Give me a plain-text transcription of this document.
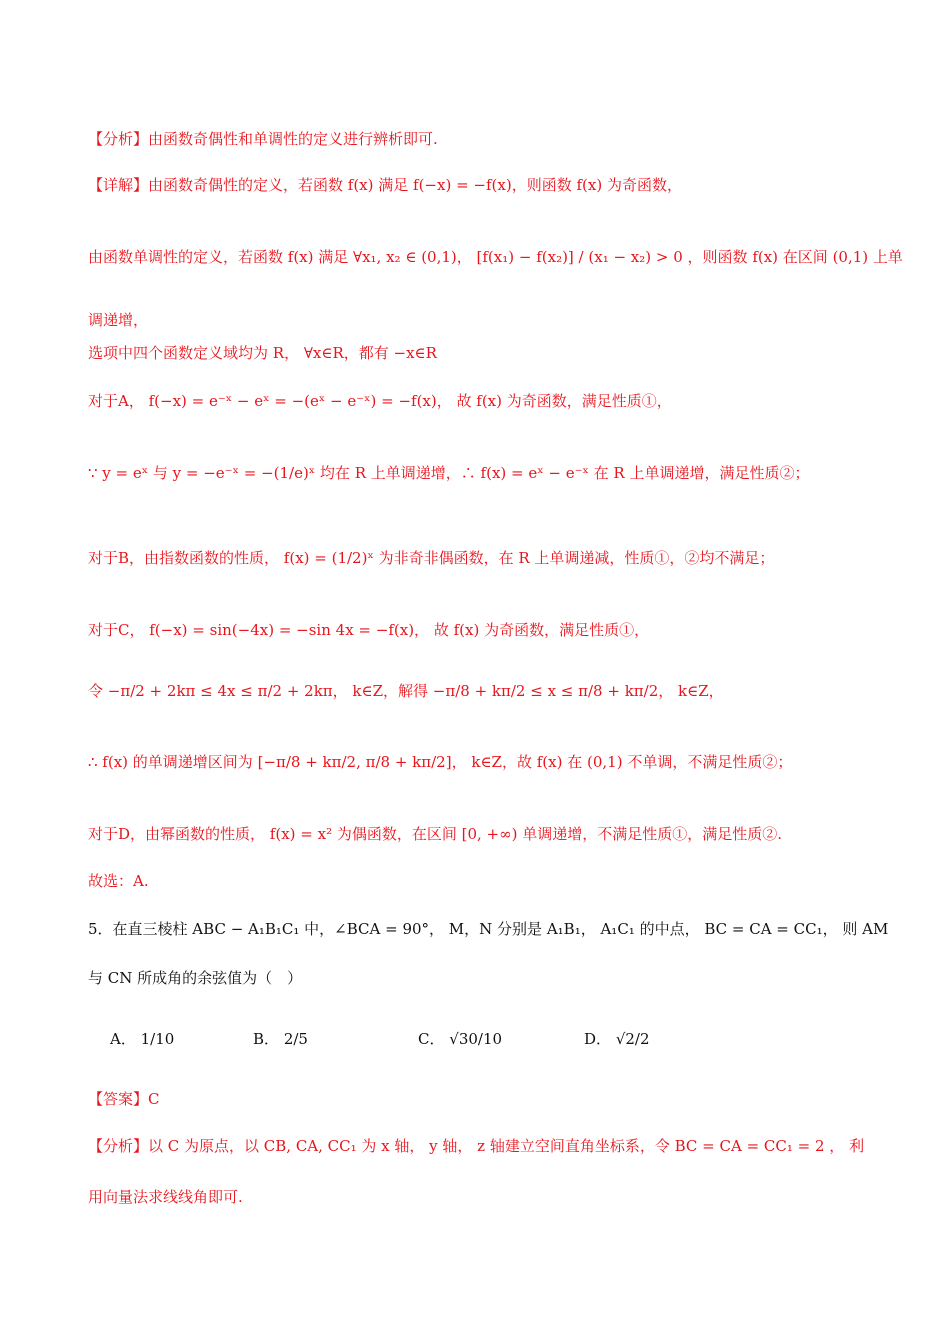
【分析】由函数奇偶性和单调性的定义进行辨析即可.
【详解】由函数奇偶性的定义，若函数 f(x) 满足 f(−x) = −f(x)，则函数 f(x) 为奇函数，
由函数单调性的定义，若函数 f(x) 满足 ∀x₁, x₂ ∈ (0,1)， [f(x₁) − f(x₂)] / (x₁ − x₂) > 0 ，则函数 f(x) 在区间 (0,1) 上单
调递增，
选项中四个函数定义域均为 R， ∀x∈R，都有 −x∈R
对于A， f(−x) = e⁻ˣ − eˣ = −(eˣ − e⁻ˣ) = −f(x)， 故 f(x) 为奇函数，满足性质①，
∵ y = eˣ 与 y = −e⁻ˣ = −(1/e)ˣ 均在 R 上单调递增，∴ f(x) = eˣ − e⁻ˣ 在 R 上单调递增，满足性质②；
对于B，由指数函数的性质， f(x) = (1/2)ˣ 为非奇非偶函数，在 R 上单调递减，性质①，②均不满足；
对于C， f(−x) = sin(−4x) = −sin 4x = −f(x)， 故 f(x) 为奇函数，满足性质①，
令 −π/2 + 2kπ ≤ 4x ≤ π/2 + 2kπ， k∈Z，解得 −π/8 + kπ/2 ≤ x ≤ π/8 + kπ/2， k∈Z，
∴ f(x) 的单调递增区间为 [−π/8 + kπ/2, π/8 + kπ/2]， k∈Z，故 f(x) 在 (0,1) 不单调，不满足性质②；
对于D，由幂函数的性质， f(x) = x² 为偶函数，在区间 [0, +∞) 单调递增，不满足性质①，满足性质②.
故选：A.
5．在直三棱柱 ABC − A₁B₁C₁ 中，∠BCA = 90°， M，N 分别是 A₁B₁， A₁C₁ 的中点， BC = CA = CC₁， 则 AM
与 CN 所成角的余弦值为（　）
A． 1/10	B． 2/5	C． √30/10	D． √2/2
【答案】C
【分析】以 C 为原点，以 CB, CA, CC₁ 为 x 轴， y 轴， z 轴建立空间直角坐标系，令 BC = CA = CC₁ = 2 ， 利
用向量法求线线角即可.
